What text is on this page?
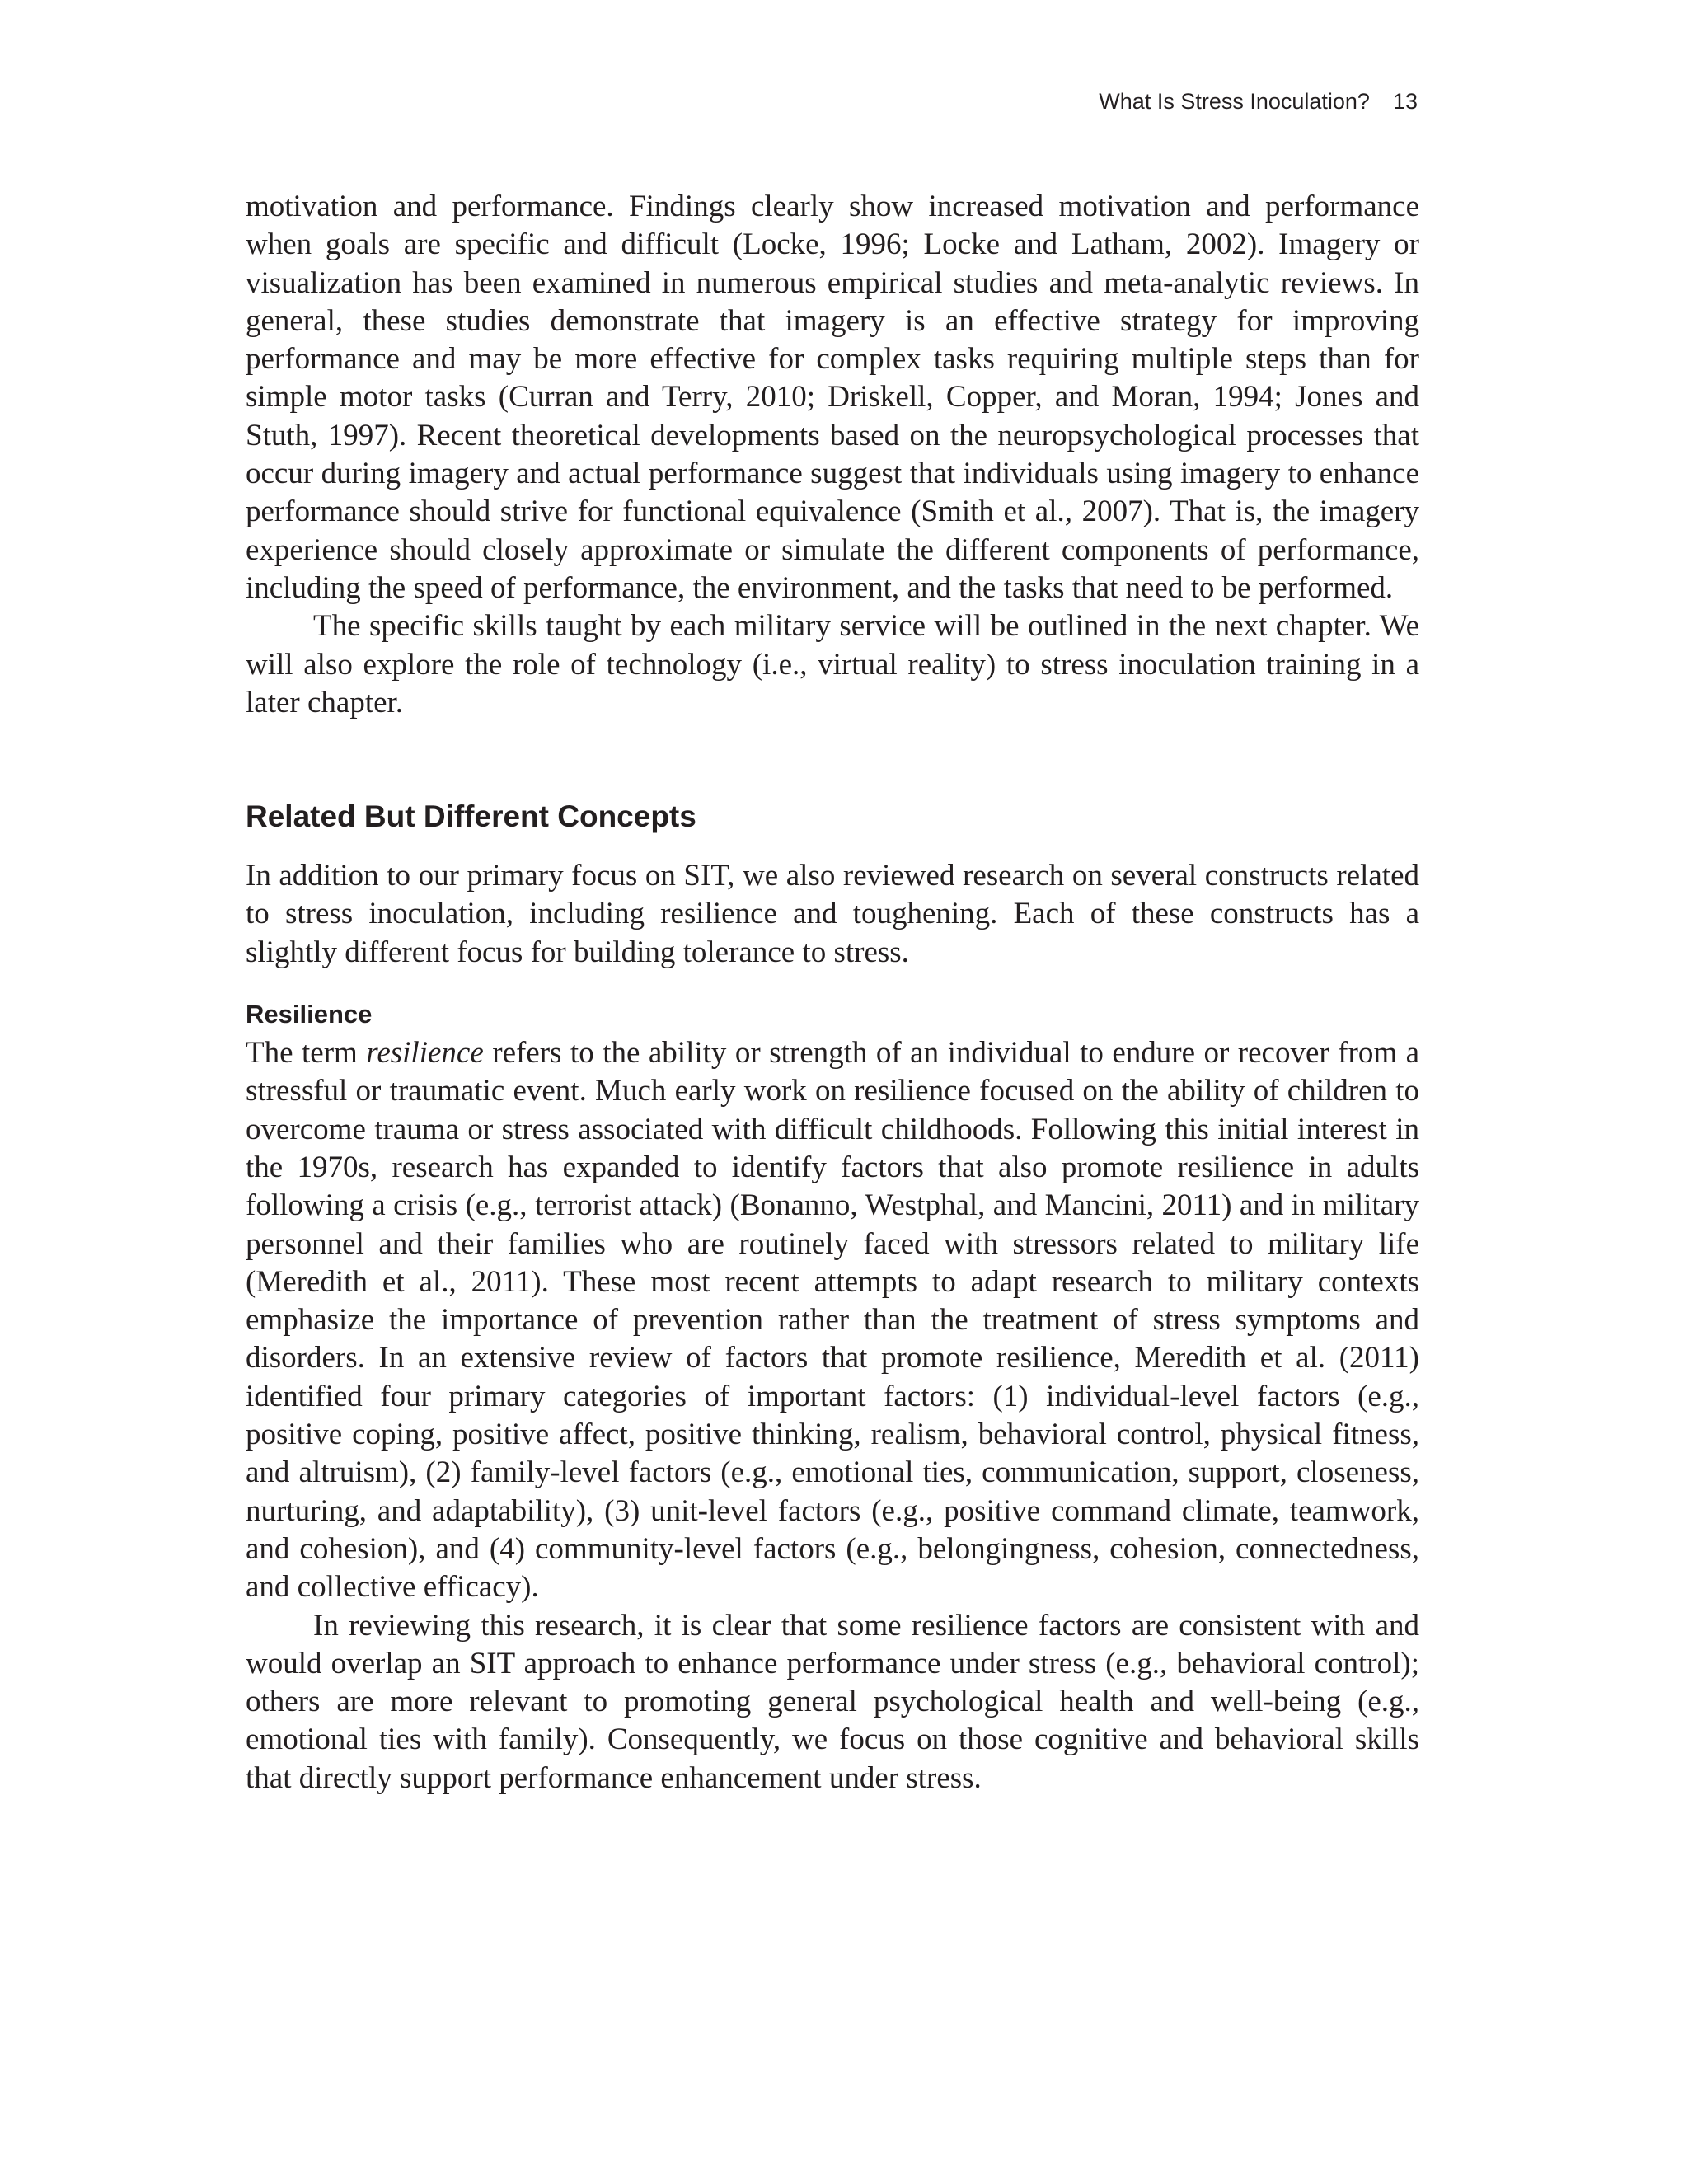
What Is Stress Inoculation? 13

motivation and performance. Findings clearly show increased motivation and performance when goals are specific and difficult (Locke, 1996; Locke and Latham, 2002). Imagery or visualization has been examined in numerous empirical studies and meta-analytic reviews. In general, these studies demonstrate that imagery is an effective strategy for improving performance and may be more effective for complex tasks requiring multiple steps than for simple motor tasks (Curran and Terry, 2010; Driskell, Copper, and Moran, 1994; Jones and Stuth, 1997). Recent theoretical developments based on the neuropsychological processes that occur during imagery and actual performance suggest that individuals using imagery to enhance performance should strive for functional equivalence (Smith et al., 2007). That is, the imagery experience should closely approximate or simulate the different components of performance, including the speed of performance, the environment, and the tasks that need to be performed.

The specific skills taught by each military service will be outlined in the next chapter. We will also explore the role of technology (i.e., virtual reality) to stress inoculation training in a later chapter.

Related But Different Concepts

In addition to our primary focus on SIT, we also reviewed research on several constructs related to stress inoculation, including resilience and toughening. Each of these constructs has a slightly different focus for building tolerance to stress.

Resilience

The term resilience refers to the ability or strength of an individual to endure or recover from a stressful or traumatic event. Much early work on resilience focused on the ability of children to overcome trauma or stress associated with difficult childhoods. Following this initial interest in the 1970s, research has expanded to identify factors that also promote resilience in adults following a crisis (e.g., terrorist attack) (Bonanno, Westphal, and Mancini, 2011) and in military personnel and their families who are routinely faced with stressors related to military life (Meredith et al., 2011). These most recent attempts to adapt research to military contexts emphasize the importance of prevention rather than the treatment of stress symptoms and disorders. In an extensive review of factors that promote resilience, Meredith et al. (2011) identified four primary categories of important factors: (1) individual-level factors (e.g., positive coping, positive affect, positive thinking, realism, behavioral control, physical fitness, and altruism), (2) family-level factors (e.g., emotional ties, communication, support, closeness, nurturing, and adaptability), (3) unit-level factors (e.g., positive command climate, teamwork, and cohesion), and (4) community-level factors (e.g., belongingness, cohesion, connectedness, and collective efficacy).

In reviewing this research, it is clear that some resilience factors are consistent with and would overlap an SIT approach to enhance performance under stress (e.g., behavioral control); others are more relevant to promoting general psychological health and well-being (e.g., emotional ties with family). Consequently, we focus on those cognitive and behavioral skills that directly support performance enhancement under stress.
